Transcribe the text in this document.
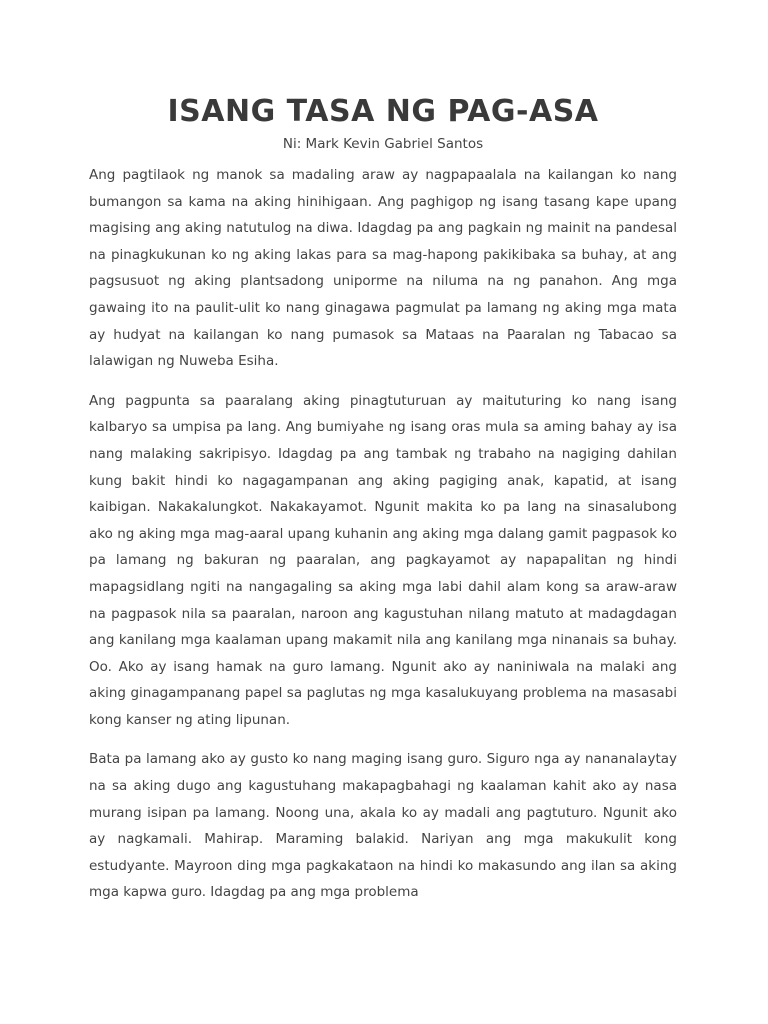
ISANG TASA NG PAG-ASA
Ni: Mark Kevin Gabriel Santos

Ang pagtilaok ng manok sa madaling araw ay nagpapaalala na kailangan ko nang bumangon sa kama na aking hinihigaan. Ang paghigop ng isang tasang kape upang magising ang aking natutulog na diwa. Idagdag pa ang pagkain ng mainit na pandesal na pinagkukunan ko ng aking lakas para sa mag-hapong pakikibaka sa buhay, at ang pagsusuot ng aking plantsadong uniporme na niluma na ng panahon. Ang mga gawaing ito na paulit-ulit ko nang ginagawa pagmulat pa lamang ng aking mga mata ay hudyat na kailangan ko nang pumasok sa Mataas na Paaralan ng Tabacao sa lalawigan ng Nuweba Esiha.

Ang pagpunta sa paaralang aking pinagtuturuan ay maituturing ko nang isang kalbaryo sa umpisa pa lang. Ang bumiyahe ng isang oras mula sa aming bahay ay isa nang malaking sakripisyo. Idagdag pa ang tambak ng trabaho na nagiging dahilan kung bakit hindi ko nagagampanan ang aking pagiging anak, kapatid, at isang kaibigan. Nakakalungkot. Nakakayamot. Ngunit makita ko pa lang na sinasalubong ako ng aking mga mag-aaral upang kuhanin ang aking mga dalang gamit pagpasok ko pa lamang ng bakuran ng paaralan, ang pagkayamot ay napapalitan ng hindi mapagsidlang ngiti na nangagaling sa aking mga labi dahil alam kong sa araw-araw na pagpasok nila sa paaralan, naroon ang kagustuhan nilang matuto at madagdagan ang kanilang mga kaalaman upang makamit nila ang kanilang mga ninanais sa buhay. Oo. Ako ay isang hamak na guro lamang. Ngunit ako ay naniniwala na malaki ang aking ginagampanang papel sa paglutas ng mga kasalukuyang problema na masasabi kong kanser ng ating lipunan.

Bata pa lamang ako ay gusto ko nang maging isang guro. Siguro nga ay nananalaytay na sa aking dugo ang kagustuhang makapagbahagi ng kaalaman kahit ako ay nasa murang isipan pa lamang. Noong una, akala ko ay madali ang pagtuturo. Ngunit ako ay nagkamali. Mahirap. Maraming balakid. Nariyan ang mga makukulit kong estudyante. Mayroon ding mga pagkakataon na hindi ko makasundo ang ilan sa aking mga kapwa guro. Idagdag pa ang mga problema
